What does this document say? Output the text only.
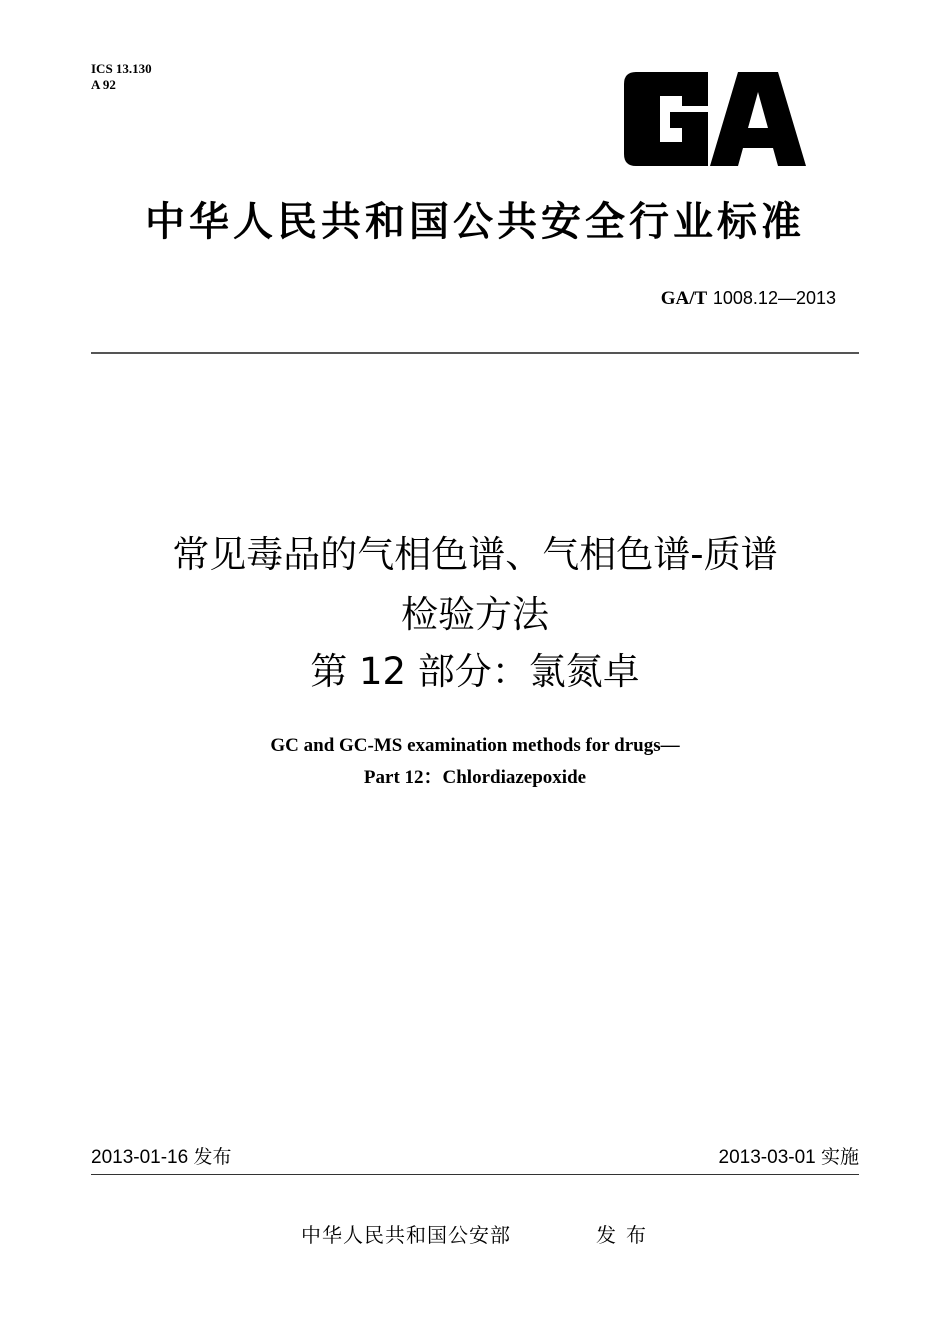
ICS 13.130
A 92
中华人民共和国公共安全行业标准
GA/T 1008.12—2013
常见毒品的气相色谱、气相色谱-质谱
检验方法
第 12 部分：氯氮卓
GC and GC-MS examination methods for drugs—
Part 12：Chlordiazepoxide
2013-01-16 发布	2013-03-01 实施
中华人民共和国公安部	发布
